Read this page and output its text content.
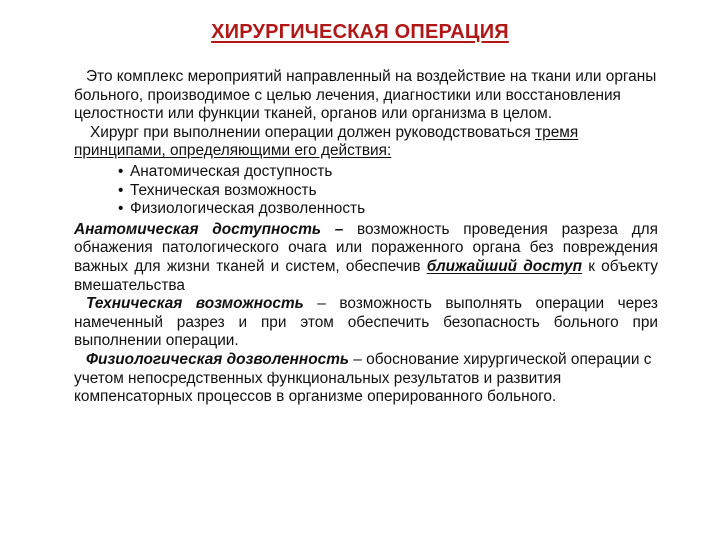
ХИРУРГИЧЕСКАЯ ОПЕРАЦИЯ

Это комплекс мероприятий направленный на воздействие на ткани или органы больного, производимое с целью лечения, диагностики или восстановления целостности или функции тканей, органов или организма в целом.

Хирург при выполнении операции должен руководствоваться тремя принципами, определяющими его действия:

• Анатомическая доступность
• Техническая возможность
• Физиологическая дозволенность

Анатомическая доступность – возможность проведения разреза для обнажения патологического очага или пораженного органа без повреждения важных для жизни тканей и систем, обеспечив ближайший доступ к объекту вмешательства

Техническая возможность – возможность выполнять операции через намеченный разрез и при этом обеспечить безопасность больного при выполнении операции.

Физиологическая дозволенность – обоснование хирургической операции с учетом непосредственных функциональных результатов и развития компенсаторных процессов в организме оперированного больного.
